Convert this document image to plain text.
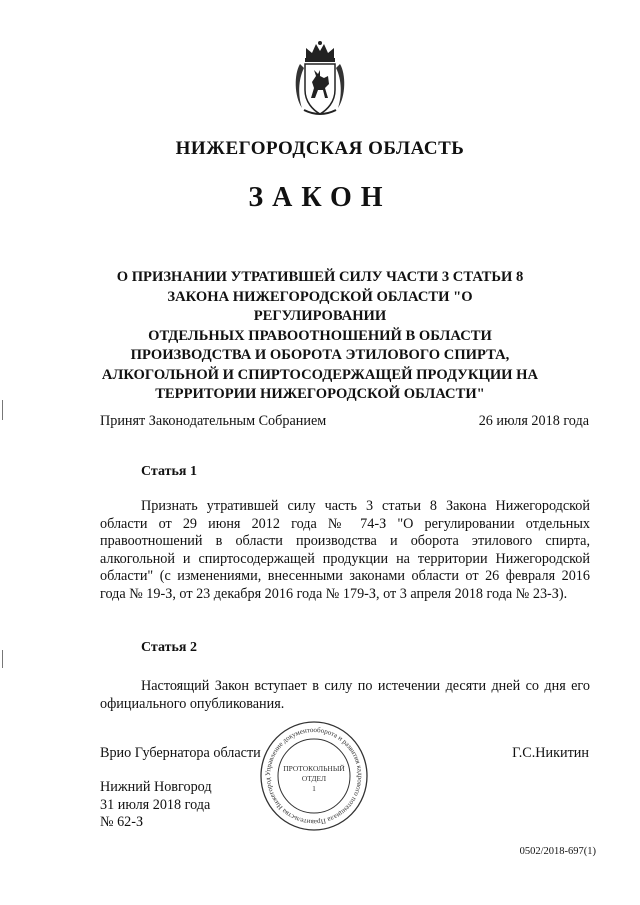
НИЖЕГОРОДСКАЯ ОБЛАСТЬ
ЗАКОН
О ПРИЗНАНИИ УТРАТИВШЕЙ СИЛУ ЧАСТИ 3 СТАТЬИ 8
ЗАКОНА НИЖЕГОРОДСКОЙ ОБЛАСТИ "О РЕГУЛИРОВАНИИ
ОТДЕЛЬНЫХ ПРАВООТНОШЕНИЙ В ОБЛАСТИ
ПРОИЗВОДСТВА И ОБОРОТА ЭТИЛОВОГО СПИРТА,
АЛКОГОЛЬНОЙ И СПИРТОСОДЕРЖАЩЕЙ ПРОДУКЦИИ НА
ТЕРРИТОРИИ НИЖЕГОРОДСКОЙ ОБЛАСТИ"
Принят Законодательным Собранием	26 июля 2018 года
Статья 1
Признать утратившей силу часть 3 статьи 8 Закона Нижегородской области от 29 июня 2012 года № 74-З "О регулировании отдельных правоотношений в области производства и оборота этилового спирта, алкогольной и спиртосодержащей продукции на территории Нижегородской области" (с изменениями, внесенными законами области от 26 февраля 2016 года № 19-З, от 23 декабря 2016 года № 179-З, от 3 апреля 2018 года № 23-З).
Статья 2
Настоящий Закон вступает в силу по истечении десяти дней со дня его официального опубликования.
Врио Губернатора области	Г.С.Никитин
Нижний Новгород
31 июля 2018 года
№ 62-З
Управление документооборота и развития кадрового потенциала Правительства Нижегород
ПРОТОКОЛЬНЫЙ
ОТДЕЛ
1
0502/2018-697(1)
